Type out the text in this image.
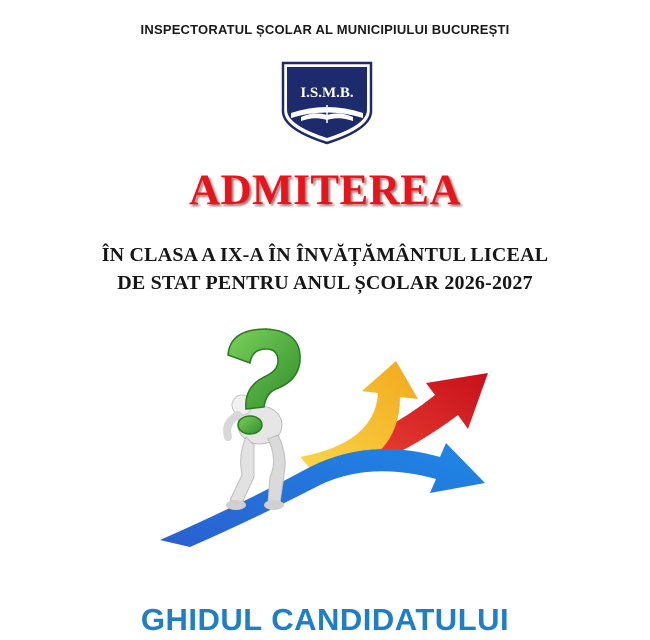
INSPECTORATUL ȘCOLAR AL MUNICIPIULUI BUCUREȘTI
I.S.M.B.
ADMITEREA
ÎN CLASA A IX-A ÎN ÎNVĂȚĂMÂNTUL LICEAL
DE STAT PENTRU ANUL ȘCOLAR 2026-2027
GHIDUL CANDIDATULUI
